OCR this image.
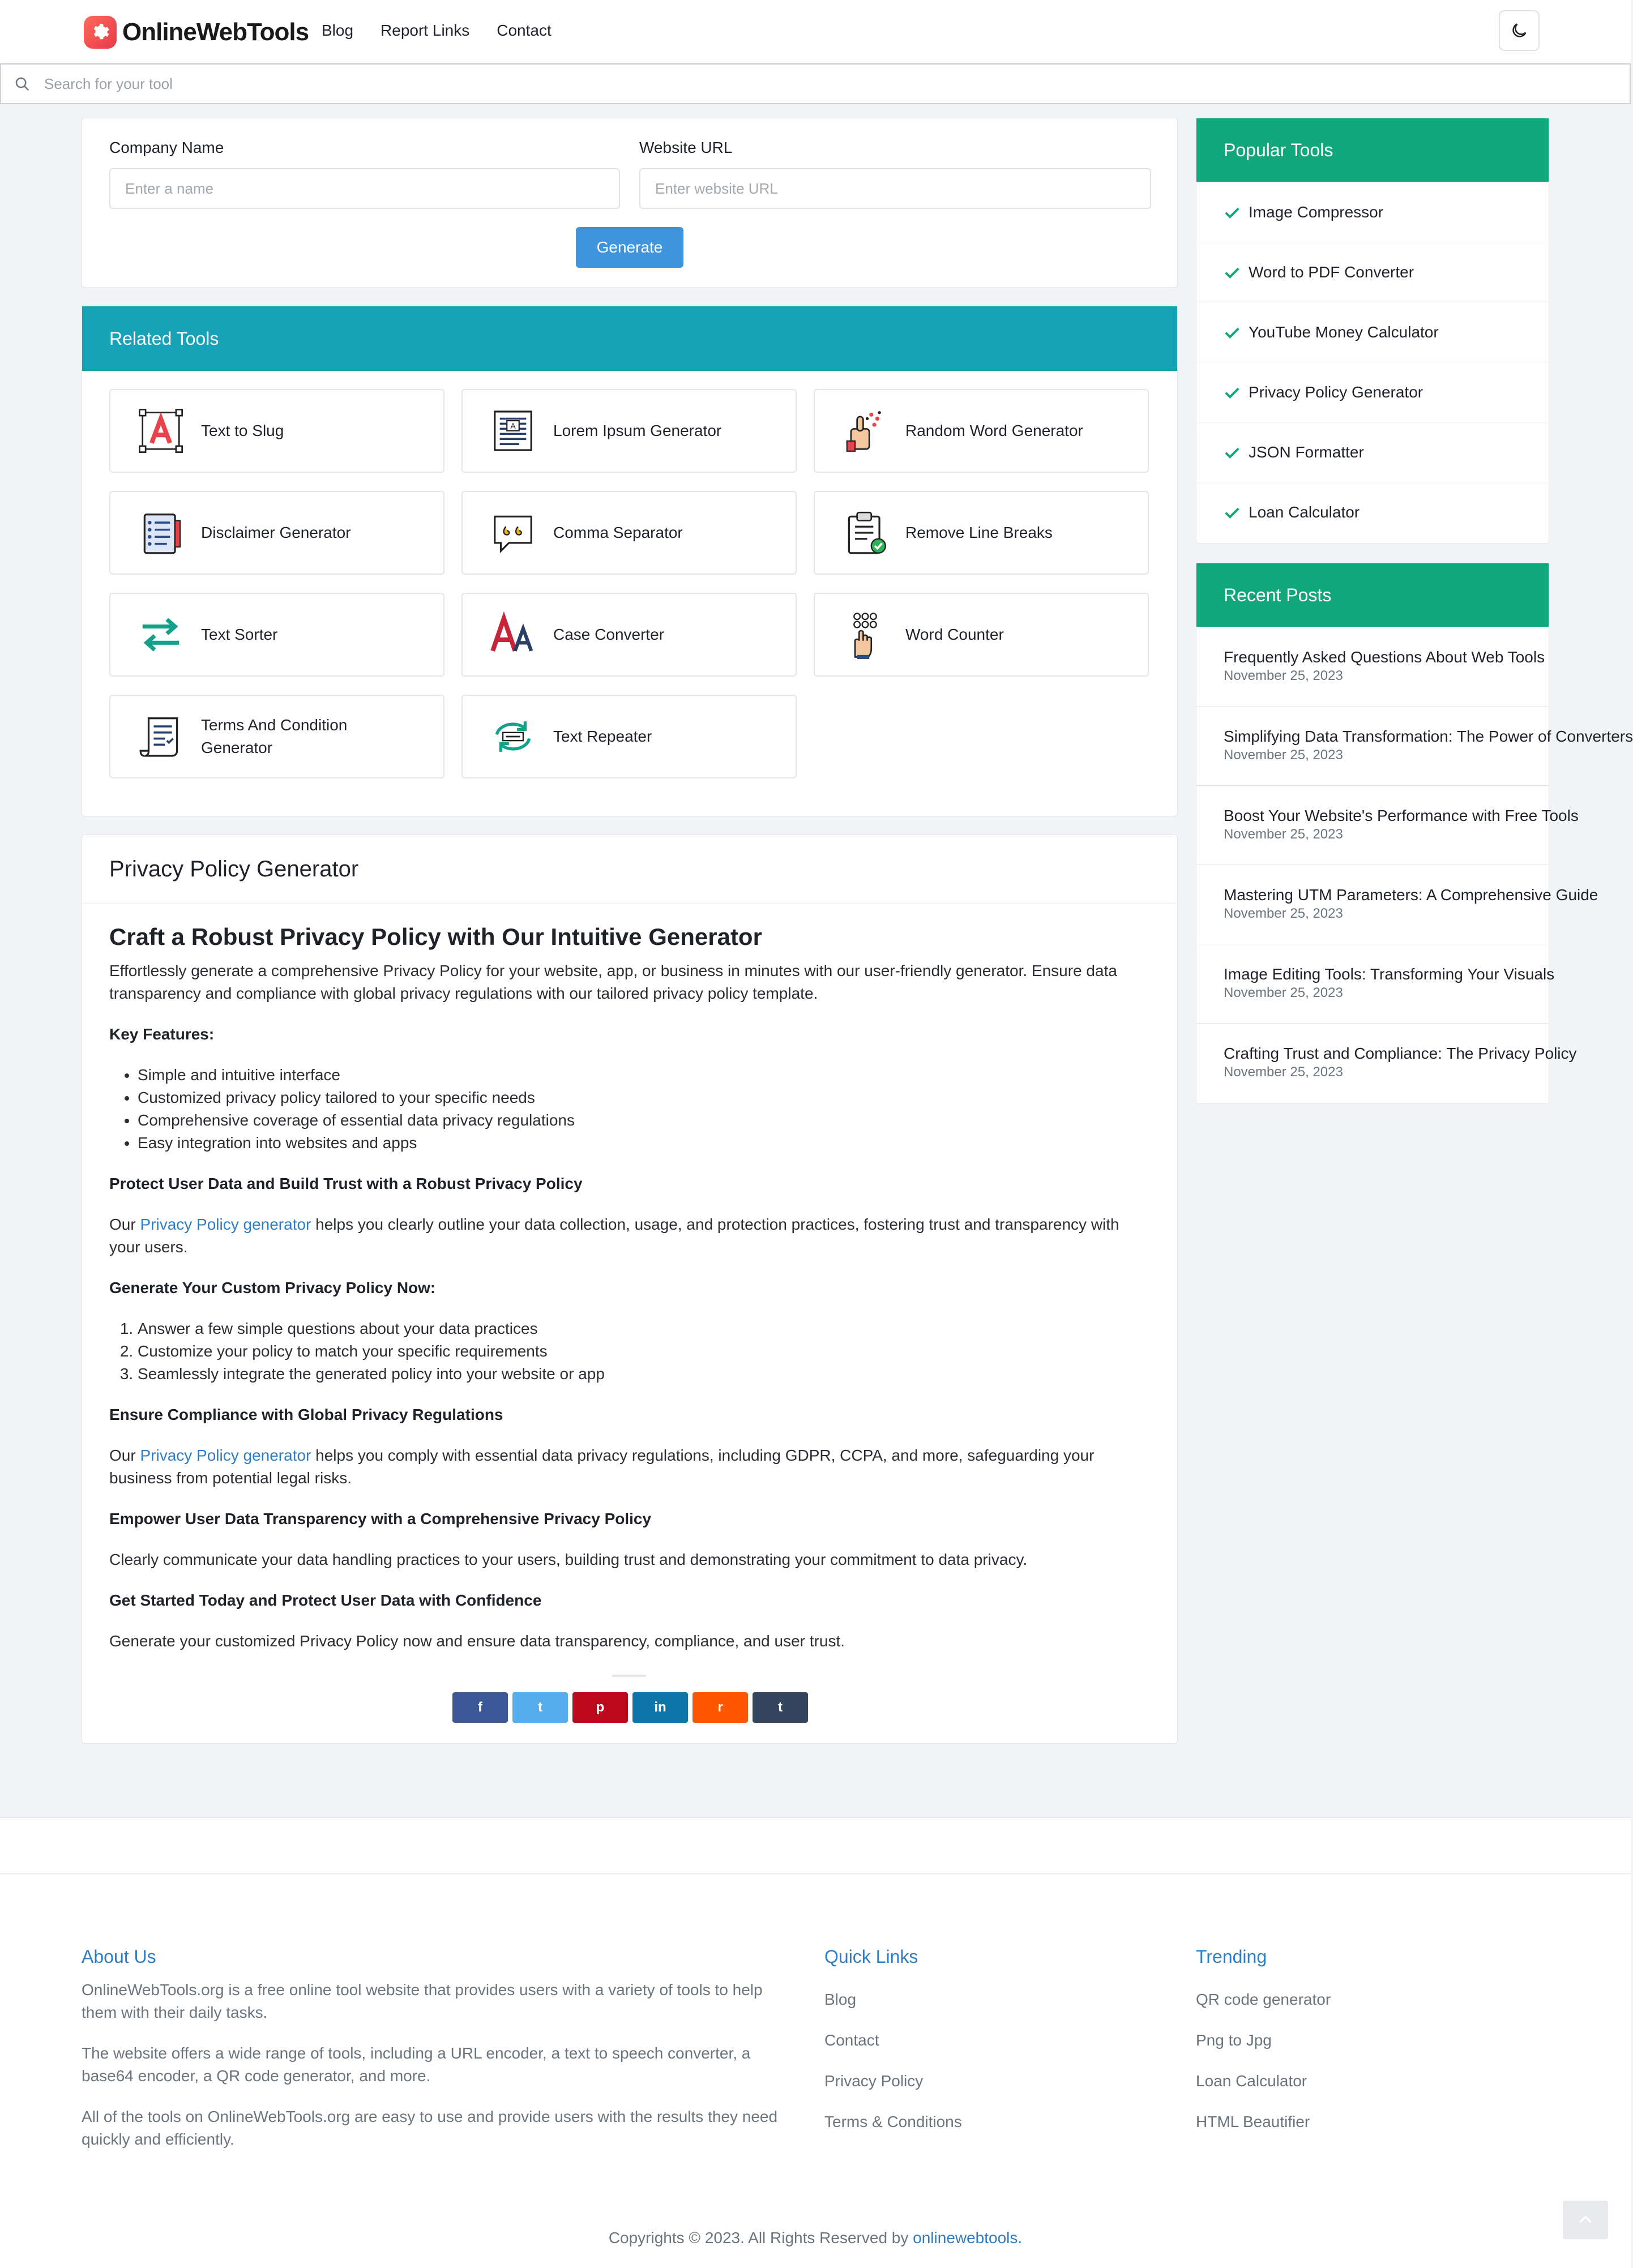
OnlineWebTools Blog Report Links Contact
Search for your tool
Company Name
Enter a name	Website URL
Enter website URL
Generate
Related Tools
Text to Slug	A Lorem Ipsum Generator	Random Word Generator
Disclaimer Generator	Comma Separator	Remove Line Breaks
Text Sorter	Case Converter	Word Counter
Terms And Condition Generator
Text Repeater
Privacy Policy Generator
Craft a Robust Privacy Policy with Our Intuitive Generator

Effortlessly generate a comprehensive Privacy Policy for your website, app, or business in minutes with our user-friendly generator. Ensure data transparency and compliance with global privacy regulations with our tailored privacy policy template.

Key Features:

• Simple and intuitive interface
• Customized privacy policy tailored to your specific needs
• Comprehensive coverage of essential data privacy regulations
• Easy integration into websites and apps

Protect User Data and Build Trust with a Robust Privacy Policy

Our Privacy Policy generator helps you clearly outline your data collection, usage, and protection practices, fostering trust and transparency with your users.

Generate Your Custom Privacy Policy Now:

1. Answer a few simple questions about your data practices
2. Customize your policy to match your specific requirements
3. Seamlessly integrate the generated policy into your website or app

Ensure Compliance with Global Privacy Regulations

Our Privacy Policy generator helps you comply with essential data privacy regulations, including GDPR, CCPA, and more, safeguarding your business from potential legal risks.

Empower User Data Transparency with a Comprehensive Privacy Policy

Clearly communicate your data handling practices to your users, building trust and demonstrating your commitment to data privacy.

Get Started Today and Protect User Data with Confidence

Generate your customized Privacy Policy now and ensure data transparency, compliance, and user trust.

f	t	p	in	r	t
Popular Tools
Image Compressor
Word to PDF Converter
YouTube Money Calculator
Privacy Policy Generator
JSON Formatter
Loan Calculator
Recent Posts
Frequently Asked Questions About Web Tools
November 25, 2023
Simplifying Data Transformation: The Power of Converters
November 25, 2023
Boost Your Website's Performance with Free Tools
November 25, 2023
Mastering UTM Parameters: A Comprehensive Guide
November 25, 2023
Image Editing Tools: Transforming Your Visuals
November 25, 2023
Crafting Trust and Compliance: The Privacy Policy
November 25, 2023
About Us

OnlineWebTools.org is a free online tool website that provides users with a variety of tools to help them with their daily tasks.

The website offers a wide range of tools, including a URL encoder, a text to speech converter, a base64 encoder, a QR code generator, and more.

All of the tools on OnlineWebTools.org are easy to use and provide users with the results they need quickly and efficiently.

Quick Links
Blog
Contact
Privacy Policy
Terms & Conditions
Trending
QR code generator
Png to Jpg
Loan Calculator
HTML Beautifier
Copyrights © 2023. All Rights Reserved by onlinewebtools.
